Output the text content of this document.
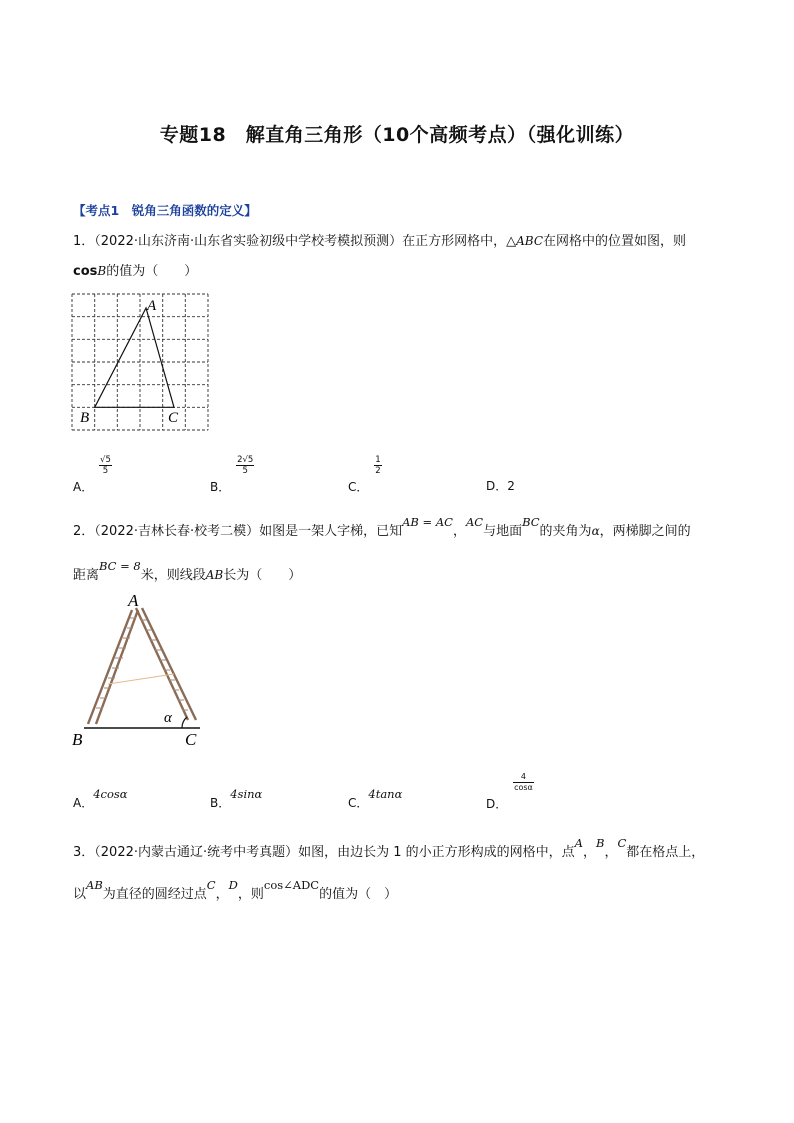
专题18　解直角三角形（10个高频考点）（强化训练）
【考点1　锐角三角函数的定义】
1．（2022·山东济南·山东省实验初级中学校考模拟预测）在正方形网格中，△ABC在网格中的位置如图，则
cosB的值为（　　）
A
B	C
A．
$\frac{√5}{5}$
B．
$\frac{2√5}{5}$
C．
$\frac{1}{2}$
D．2
2．（2022·吉林长春·校考二模）如图是一架人字梯，已知AB = AC，AC与地面BC的夹角为α，两梯脚之间的
距离BC = 8米，则线段AB长为（　　）
A
B	C
α
A．4cosα
B．4sinα
C．4tanα
D．
$\frac{4}{\cos\alpha}$
3．（2022·内蒙古通辽·统考中考真题）如图，由边长为 1 的小正方形构成的网格中，点A，B，C都在格点上，
以AB为直径的圆经过点C，D，则cos∠ADC的值为（　）
